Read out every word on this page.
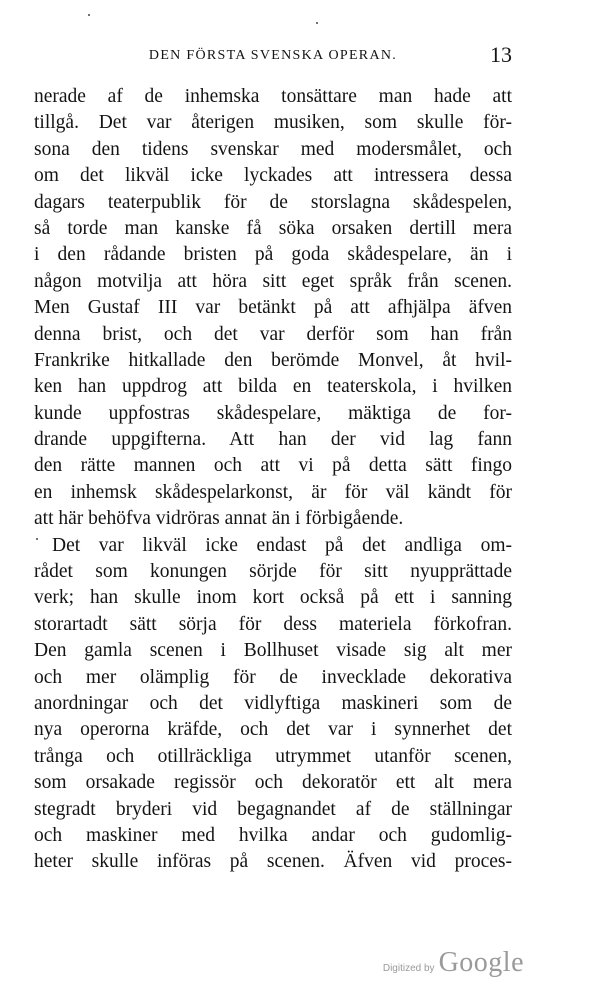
DEN FÖRSTA SVENSKA OPERAN.	13
nerade af de inhemska tonsättare man hade att
tillgå. Det var återigen musiken, som skulle för-
sona den tidens svenskar med modersmålet, och
om det likväl icke lyckades att intressera dessa
dagars teaterpublik för de storslagna skådespelen,
så torde man kanske få söka orsaken dertill mera
i den rådande bristen på goda skådespelare, än i
någon motvilja att höra sitt eget språk från scenen.
Men Gustaf III var betänkt på att afhjälpa äfven
denna brist, och det var derför som han från
Frankrike hitkallade den berömde Monvel, åt hvil-
ken han uppdrog att bilda en teaterskola, i hvilken
kunde uppfostras skådespelare, mäktiga de for-
drande uppgifterna. Att han der vid lag fann
den rätte mannen och att vi på detta sätt fingo
en inhemsk skådespelarkonst, är för väl kändt för
att här behöfva vidröras annat än i förbigående.
Det var likväl icke endast på det andliga om-
rådet som konungen sörjde för sitt nyupprättade
verk; han skulle inom kort också på ett i sanning
storartadt sätt sörja för dess materiela förkofran.
Den gamla scenen i Bollhuset visade sig alt mer
och mer olämplig för de invecklade dekorativa
anordningar och det vidlyftiga maskineri som de
nya operorna kräfde, och det var i synnerhet det
trånga och otillräckliga utrymmet utanför scenen,
som orsakade regissör och dekoratör ett alt mera
stegradt bryderi vid begagnandet af de ställningar
och maskiner med hvilka andar och gudomlig-
heter skulle införas på scenen. Äfven vid proces-
Digitized by Google
